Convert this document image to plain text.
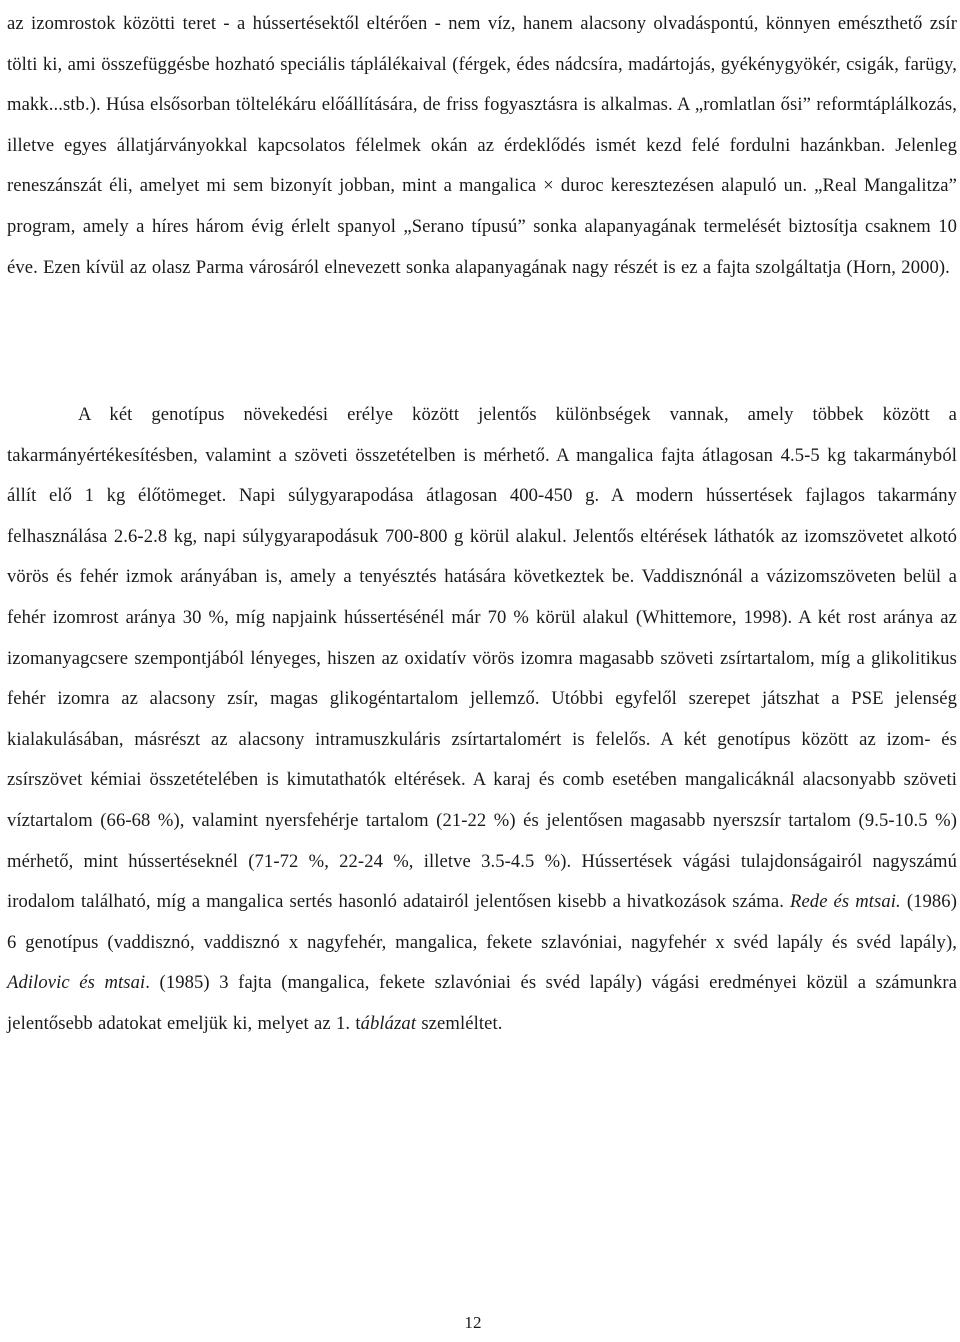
az izomrostok közötti teret - a hússertésektől eltérően - nem víz, hanem alacsony olvadáspontú, könnyen emészthető zsír tölti ki, ami összefüggésbe hozható speciális táplálékaival (férgek, édes nádcsíra, madártojás, gyékénygyökér, csigák, farügy, makk...stb.). Húsa elsősorban töltelékáru előállítására, de friss fogyasztásra is alkalmas. A „romlatlan ősi” reformtáplálkozás, illetve egyes állatjárványokkal kapcsolatos félelmek okán az érdeklődés ismét kezd felé fordulni hazánkban. Jelenleg reneszánszát éli, amelyet mi sem bizonyít jobban, mint a mangalica × duroc keresztezésen alapuló un. „Real Mangalitza” program, amely a híres három évig érlelt spanyol „Serano típusú” sonka alapanyagának termelését biztosítja csaknem 10 éve. Ezen kívül az olasz Parma városáról elnevezett sonka alapanyagának nagy részét is ez a fajta szolgáltatja (Horn, 2000).

A két genotípus növekedési erélye között jelentős különbségek vannak, amely többek között a takarmányértékesítésben, valamint a szöveti összetételben is mérhető. A mangalica fajta átlagosan 4.5-5 kg takarmányból állít elő 1 kg élőtömeget. Napi súlygyarapodása átlagosan 400-450 g. A modern hússertések fajlagos takarmány felhasználása 2.6-2.8 kg, napi súlygyarapodásuk 700-800 g körül alakul. Jelentős eltérések láthatók az izomszövetet alkotó vörös és fehér izmok arányában is, amely a tenyésztés hatására következtek be. Vaddisznónál a vázizomszöveten belül a fehér izomrost aránya 30 %, míg napjaink hússertésénél már 70 % körül alakul (Whittemore, 1998). A két rost aránya az izomanyagcsere szempontjából lényeges, hiszen az oxidatív vörös izomra magasabb szöveti zsírtartalom, míg a glikolitikus fehér izomra az alacsony zsír, magas glikogéntartalom jellemző. Utóbbi egyfelől szerepet játszhat a PSE jelenség kialakulásában, másrészt az alacsony intramuszkuláris zsírtartalomért is felelős. A két genotípus között az izom- és zsírszövet kémiai összetételében is kimutathatók eltérések. A karaj és comb esetében mangalicáknál alacsonyabb szöveti víztartalom (66-68 %), valamint nyersfehérje tartalom (21-22 %) és jelentősen magasabb nyerszsír tartalom (9.5-10.5 %) mérhető, mint hússertéseknél (71-72 %, 22-24 %, illetve 3.5-4.5 %). Hússertések vágási tulajdonságairól nagyszámú irodalom található, míg a mangalica sertés hasonló adatairól jelentősen kisebb a hivatkozások száma. Rede és mtsai. (1986) 6 genotípus (vaddisznó, vaddisznó x nagyfehér, mangalica, fekete szlavóniai, nagyfehér x svéd lapály és svéd lapály), Adilovic és mtsai. (1985) 3 fajta (mangalica, fekete szlavóniai és svéd lapály) vágási eredményei közül a számunkra jelentősebb adatokat emeljük ki, melyet az 1. táblázat szemléltet.

12
